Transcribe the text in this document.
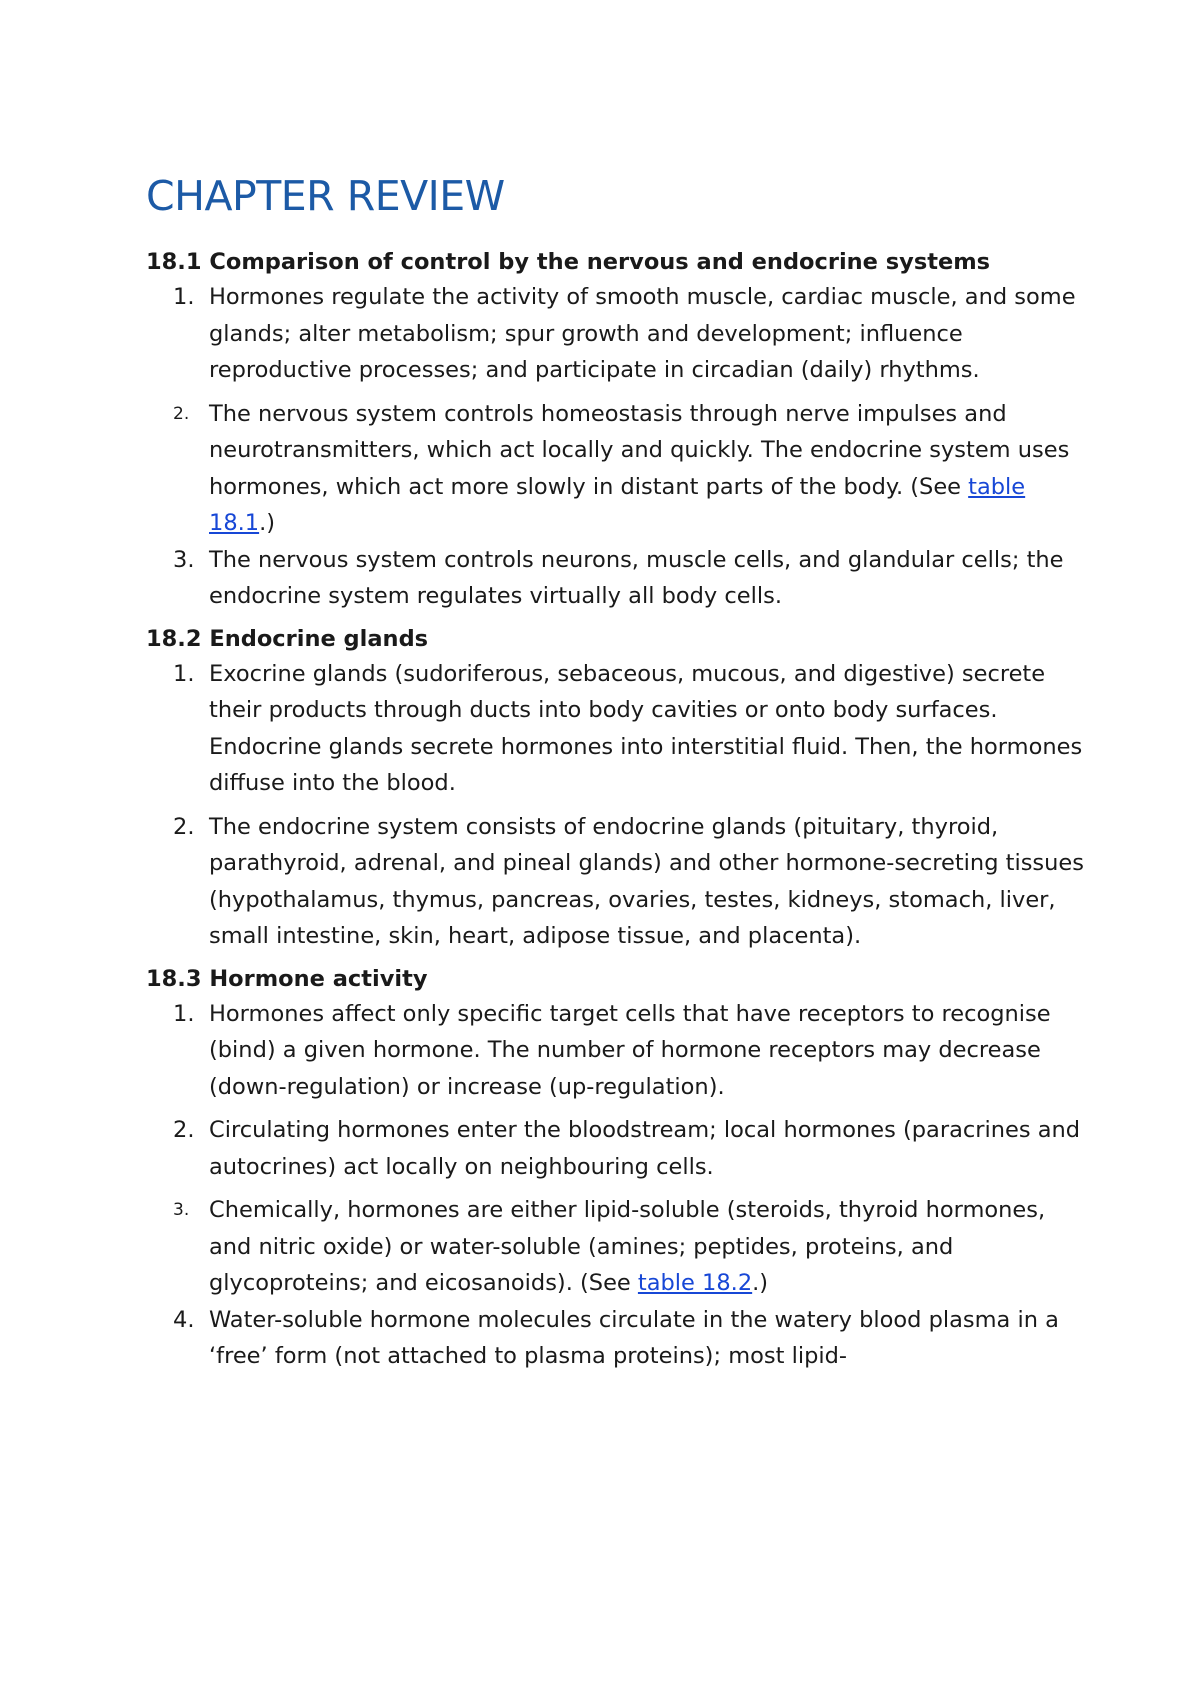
CHAPTER REVIEW
18.1 Comparison of control by the nervous and endocrine systems
1. Hormones regulate the activity of smooth muscle, cardiac muscle, and some glands; alter metabolism; spur growth and development; influence reproductive processes; and participate in circadian (daily) rhythms.
2. The nervous system controls homeostasis through nerve impulses and neurotransmitters, which act locally and quickly. The endocrine system uses hormones, which act more slowly in distant parts of the body. (See table 18.1.)
3. The nervous system controls neurons, muscle cells, and glandular cells; the endocrine system regulates virtually all body cells.
18.2 Endocrine glands
1. Exocrine glands (sudoriferous, sebaceous, mucous, and digestive) secrete their products through ducts into body cavities or onto body surfaces. Endocrine glands secrete hormones into interstitial fluid. Then, the hormones diffuse into the blood.
2. The endocrine system consists of endocrine glands (pituitary, thyroid, parathyroid, adrenal, and pineal glands) and other hormone-secreting tissues (hypothalamus, thymus, pancreas, ovaries, testes, kidneys, stomach, liver, small intestine, skin, heart, adipose tissue, and placenta).
18.3 Hormone activity
1. Hormones affect only specific target cells that have receptors to recognise (bind) a given hormone. The number of hormone receptors may decrease (down-regulation) or increase (up-regulation).
2. Circulating hormones enter the bloodstream; local hormones (paracrines and autocrines) act locally on neighbouring cells.
3. Chemically, hormones are either lipid-soluble (steroids, thyroid hormones, and nitric oxide) or water-soluble (amines; peptides, proteins, and glycoproteins; and eicosanoids). (See table 18.2.)
4. Water-soluble hormone molecules circulate in the watery blood plasma in a ‘free’ form (not attached to plasma proteins); most lipid-
